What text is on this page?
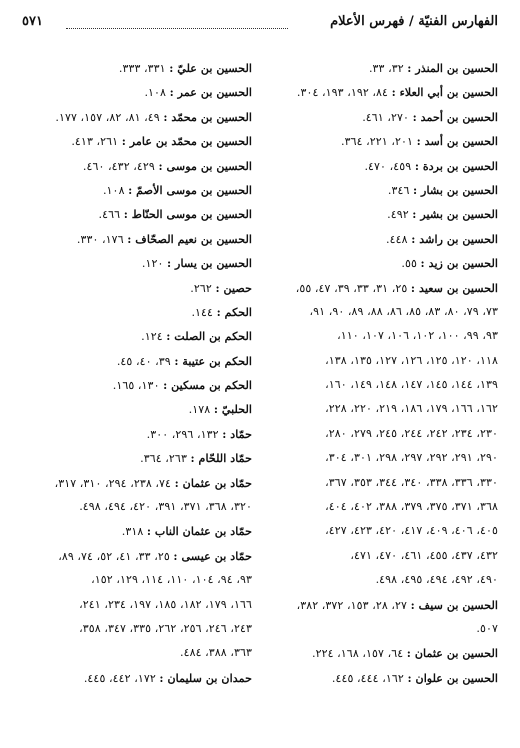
الفهارس الفنيّة / فهرس الأعلام
٥٧١
الحسين بن المنذر : ٣٢، ٣٣.
الحسين بن أبي العلاء : ٨٤، ١٩٢، ١٩٣، ٣٠٤.
الحسين بن أحمد : ٢٧٠، ٤٦١.
الحسين بن أسد : ٢٠١، ٢٢١، ٣٦٤.
الحسين بن بردة : ٤٥٩، ٤٧٠.
الحسين بن بشار : ٣٤٦.
الحسين بن بشير : ٤٩٢.
الحسين بن راشد : ٤٤٨.
الحسين بن زيد : ٥٥.
الحسين بن سعيد : ٢٥، ٣١، ٣٣، ٣٩، ٤٧، ٥٥،
٧٣، ٧٩، ٨٠، ٨٣، ٨٥، ٨٦، ٨٨، ٨٩، ٩٠، ٩١،
٩٣، ٩٩، ١٠٠، ١٠٢، ١٠٦، ١٠٧، ١١٠،
١١٨، ١٢٠، ١٢٥، ١٢٦، ١٢٧، ١٣٥، ١٣٨،
١٣٩، ١٤٤، ١٤٥، ١٤٧، ١٤٨، ١٤٩، ١٦٠،
١٦٢، ١٦٦، ١٧٩، ١٨٦، ٢١٩، ٢٢٠، ٢٢٨،
٢٣٠، ٢٣٤، ٢٤٢، ٢٤٤، ٢٤٥، ٢٧٩، ٢٨٠،
٢٩٠، ٢٩١، ٢٩٢، ٢٩٧، ٢٩٨، ٣٠١، ٣٠٤،
٣٣٠، ٣٣٦، ٣٣٨، ٣٤٠، ٣٤٤، ٣٥٣، ٣٦٧،
٣٦٨، ٣٧١، ٣٧٥، ٣٧٩، ٣٨٨، ٤٠٢، ٤٠٤،
٤٠٥، ٤٠٦، ٤٠٩، ٤١٧، ٤٢٠، ٤٢٣، ٤٢٧،
٤٣٢، ٤٣٧، ٤٥٥، ٤٦١، ٤٧٠، ٤٧١،
٤٩٠، ٤٩٢، ٤٩٤، ٤٩٥، ٤٩٨.
الحسين بن سيف : ٢٧، ٢٨، ١٥٣، ٣٧٢، ٣٨٢،
٥٠٧.
الحسين بن عثمان : ٦٤، ١٥٧، ١٦٨، ٢٢٤.
الحسين بن علوان : ١٦٢، ٤٤٤، ٤٤٥.
الحسين بن عليّ : ٣٣١، ٣٣٣.
الحسين بن عمر : ١٠٨.
الحسين بن محمّد : ٤٩، ٨١، ٨٢، ١٥٧، ١٧٧.
الحسين بن محمّد بن عامر : ٢٦١، ٤١٣.
الحسين بن موسى : ٤٢٩، ٤٣٢، ٤٦٠.
الحسين بن موسى الأصمّ : ١٠٨.
الحسين بن موسى الحنّاط : ٤٦٦.
الحسين بن نعيم الصحّاف : ١٧٦، ٣٣٠.
الحسين بن يسار : ١٢٠.
حصين : ٢٦٢.
الحكم : ١٤٤.
الحكم بن الصلت : ١٢٤.
الحكم بن عتيبة : ٣٩، ٤٠، ٤٥.
الحكم بن مسكين : ١٣٠، ١٦٥.
الحلبيّ : ١٧٨.
حمّاد : ١٣٢، ٢٩٦، ٣٠٠.
حمّاد اللحّام : ٢٦٣، ٣٦٤.
حمّاد بن عثمان : ٧٤، ٢٣٨، ٢٩٤، ٣١٠، ٣١٧،
٣٢٠، ٣٦٨، ٣٧١، ٣٩١، ٤٢٠، ٤٩٤، ٤٩٨.
حمّاد بن عثمان الناب : ٣١٨.
حمّاد بن عيسى : ٢٥، ٣٣، ٤١، ٥٢، ٧٤، ٨٩،
٩٣، ٩٤، ١٠٤، ١١٠، ١١٤، ١٢٩، ١٥٢،
١٦٦، ١٧٩، ١٨٢، ١٨٥، ١٩٧، ٢٣٤، ٢٤١،
٢٤٣، ٢٤٦، ٢٥٦، ٢٦٢، ٣٣٥، ٣٤٧، ٣٥٨،
٣٦٣، ٣٨٨، ٤٨٤.
حمدان بن سليمان : ١٧٢، ٤٤٢، ٤٤٥.
